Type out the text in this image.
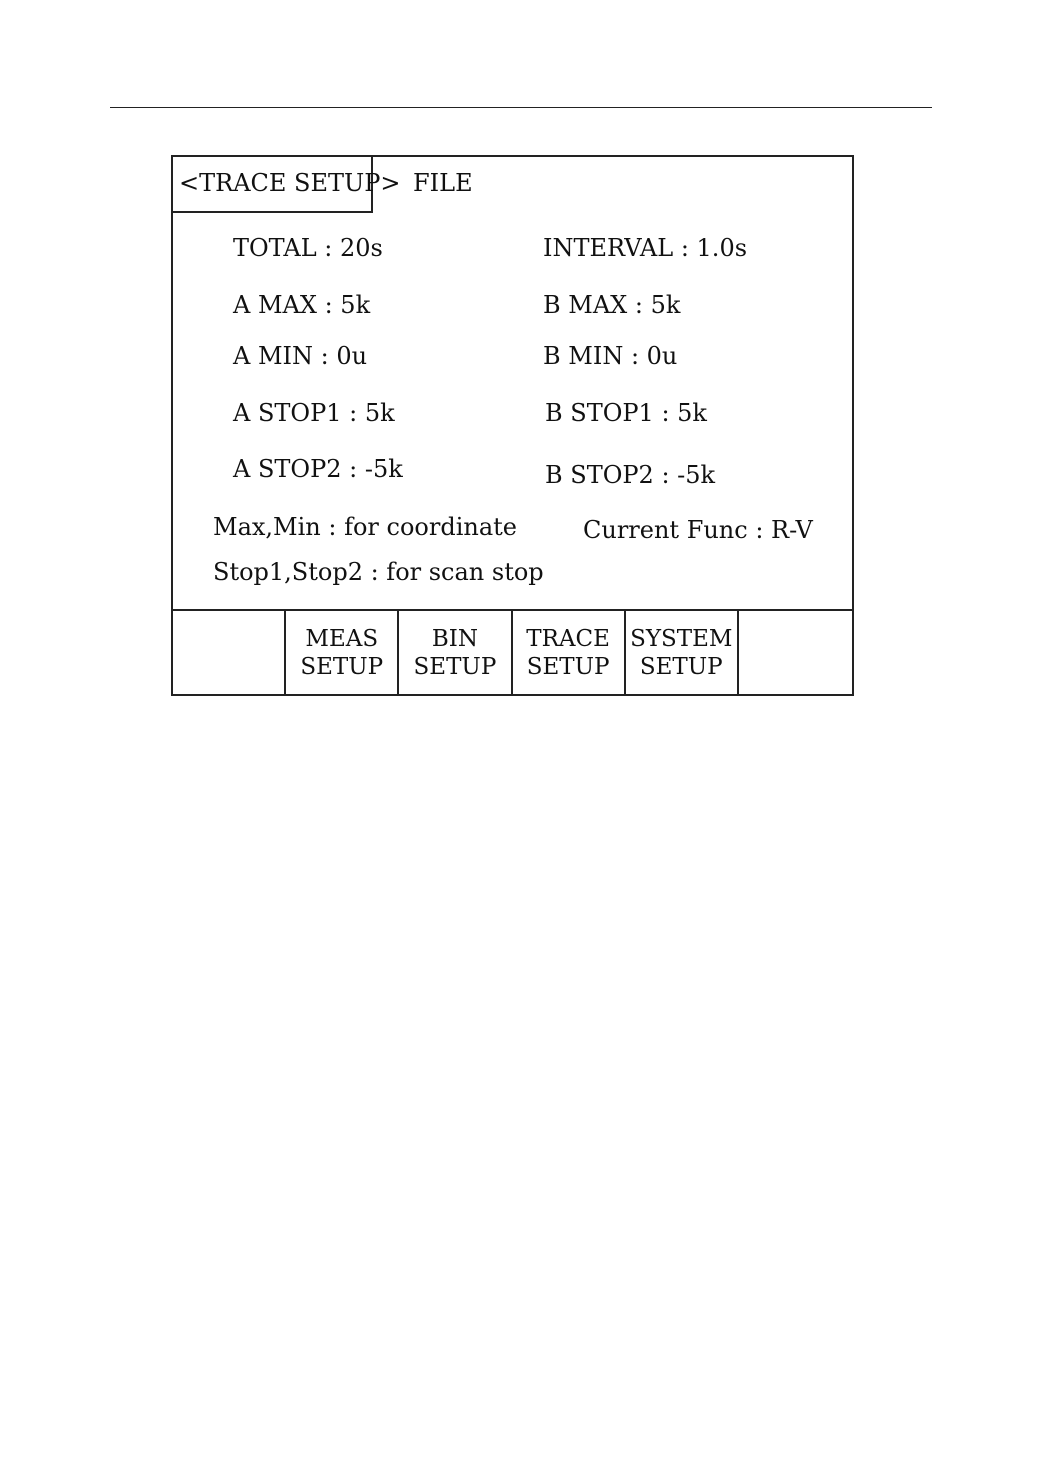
<TRACE SETUP> FILE
TOTAL : 20s	INTERVAL : 1.0s
A MAX : 5k	B MAX : 5k
A MIN : 0u	B MIN : 0u
A STOP1 : 5k	B STOP1 : 5k
A STOP2 : -5k	B STOP2 : -5k
Max,Min : for coordinate	Current Func : R-V
Stop1,Stop2 : for scan stop
MEAS
SETUP
BIN
SETUP
TRACE
SETUP
SYSTEM
SETUP
